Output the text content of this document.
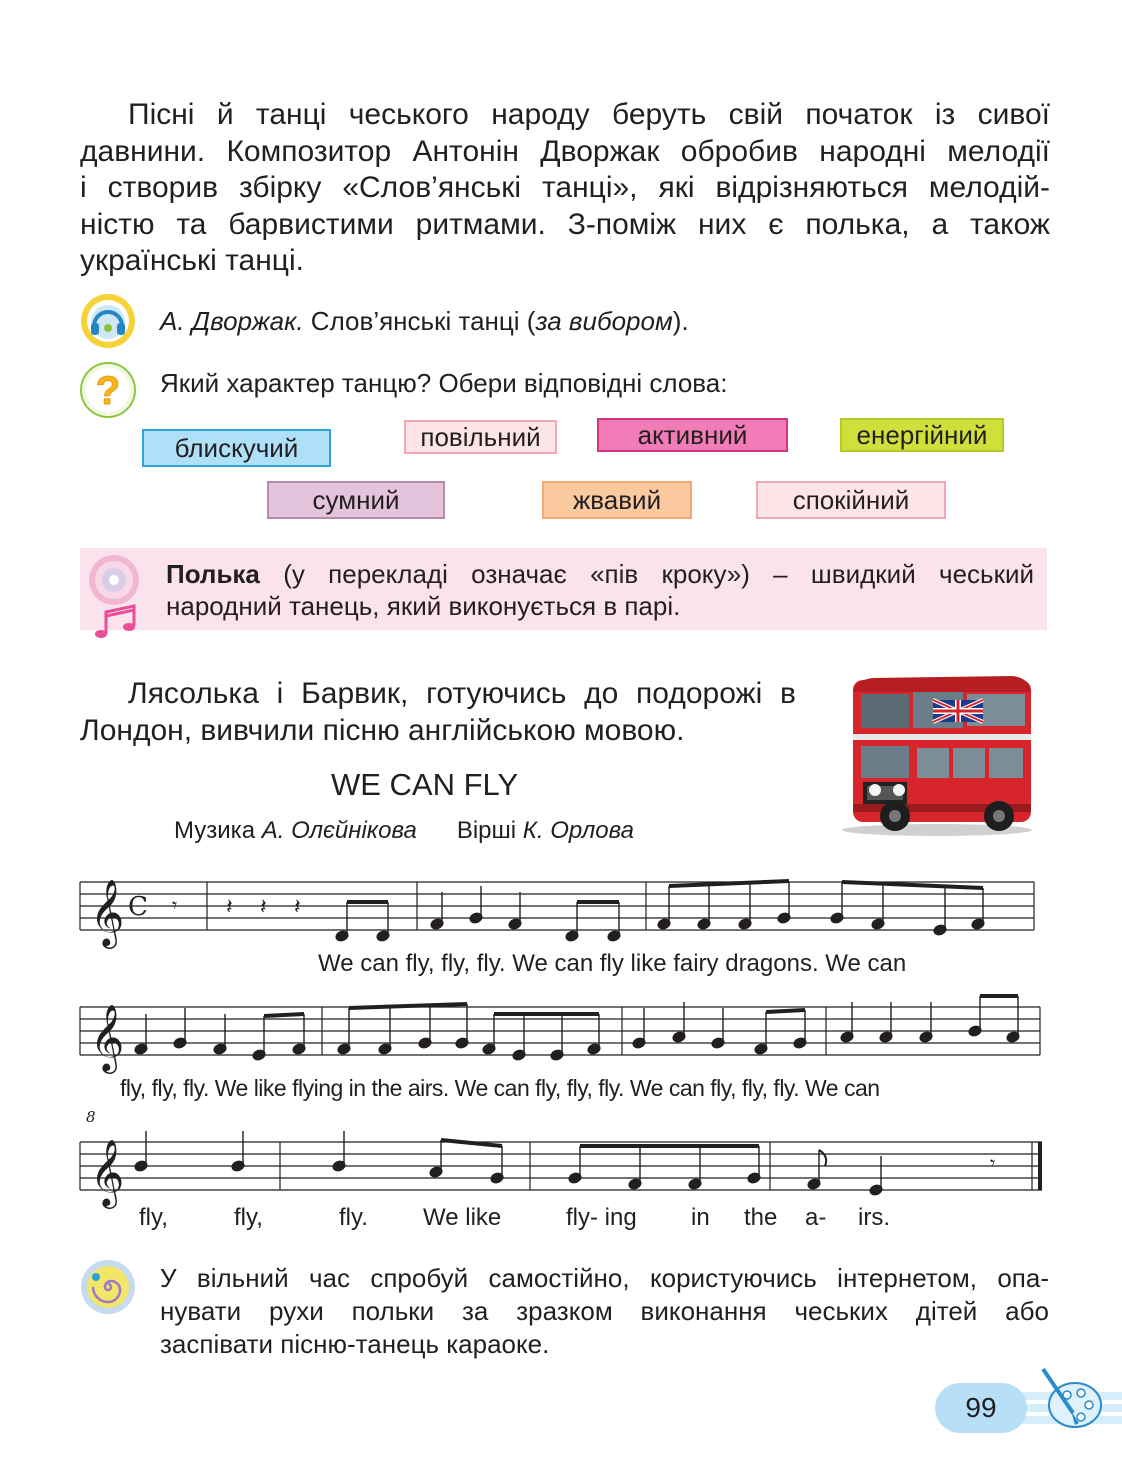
Пісні й танці чеського народу беруть свій початок із сивої
давнини. Композитор Антонін Дворжак обробив народні мелодії
і створив збірку «Слов’янські танці», які відрізняються мелодій-
ністю та барвистими ритмами. З-поміж них є полька, а також
українські танці.
А. Дворжак. Слов’янські танці (за вибором).
? Який характер танцю? Обери відповідні слова:
блискучий	повільний	активний	енергійний
сумний	жвавий	спокійний
Полька (у перекладі означає «пів кроку») – швидкий чеський
народний танець, який виконується в парі.
Лясолька і Барвик, готуючись до подорожі в
Лондон, вивчили пісню англійською мовою.
WE CAN FLY
Музика А. Олєйнікова Вірші К. Орлова
𝄞 C 𝄾 𝄽 𝄽 𝄽
We can fly, fly, fly. We can fly like fairy dragons. We can
𝄞
fly, fly, fly. We like flying in the airs. We can fly, fly, fly. We can fly, fly, fly. We can
8
𝄞	𝄾
fly,	fly,	fly. We like	fly- ing in the a- irs.
У вільний час спробуй самостійно, користуючись інтернетом, опа-
нувати рухи польки за зразком виконання чеських дітей або
заспівати пісню-танець караоке.
99
